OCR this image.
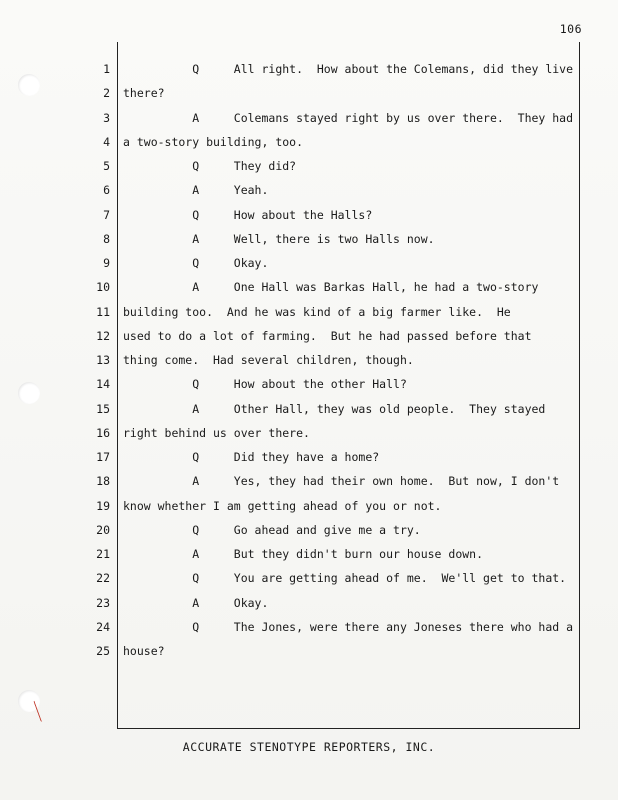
106
1 Q     All right.  How about the Colemans, did they live
2 there?
3 A     Colemans stayed right by us over there.  They had
4 a two-story building, too.
5 Q     They did?
6 A     Yeah.
7 Q     How about the Halls?
8 A     Well, there is two Halls now.
9 Q     Okay.
10 A     One Hall was Barkas Hall, he had a two-story
11 building too.  And he was kind of a big farmer like.  He
12 used to do a lot of farming.  But he had passed before that
13 thing come.  Had several children, though.
14 Q     How about the other Hall?
15 A     Other Hall, they was old people.  They stayed
16 right behind us over there.
17 Q     Did they have a home?
18 A     Yes, they had their own home.  But now, I don't
19 know whether I am getting ahead of you or not.
20 Q     Go ahead and give me a try.
21 A     But they didn't burn our house down.
22 Q     You are getting ahead of me.  We'll get to that.
23 A     Okay.
24 Q     The Jones, were there any Joneses there who had a
25 house?
ACCURATE STENOTYPE REPORTERS, INC.
